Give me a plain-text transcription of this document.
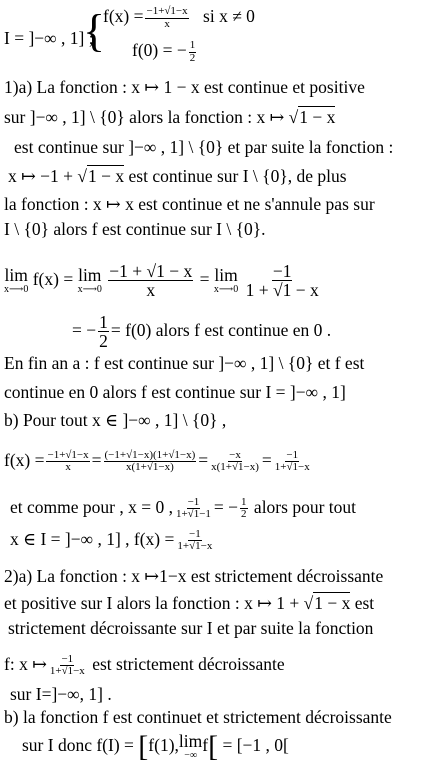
I = ]−∞ , 1] ;
{
$f(x) = \frac{-1+√1-x}{x}$ si x ≠ 0
f(0) = − $\frac{1}{2}$
1)a) La fonction : x ↦ 1 − x est continue et positive
sur ]−∞ , 1] \ {0} alors la fonction : x ↦ √1 − x
est continue sur ]−∞ , 1] \ {0} et par suite la fonction :
x ↦ −1 + √1 − x est continue sur I \ {0}, de plus
la fonction : x ↦ x est continue et ne s'annule pas sur
I \ {0} alors f est continue sur I \ {0}.
lim
x⟶0
f(x) = lim
x⟶0
$\frac{-1 + √1 - x}{x} = \lim$
x⟶0
$\frac{-1}{1 + √1 - x}$
= − $\frac{1}{2} = f(0)$ alors f est continue en 0 .
En fin an a : f est continue sur ]−∞ , 1] \ {0} et f est
continue en 0 alors f est continue sur I = ]−∞ , 1]
b) Pour tout x ∈ ]−∞ , 1] \ {0} ,
$f(x) = \frac{-1+√1-x}{x} = \frac{(-1+√1-x)(1+√1-x)}{x(1+√1-x)} = \frac{-x}{x(1+√1-x)} = \frac{-1}{1+√1-x}$
et comme pour , x = 0 , $\frac{-1}{1+√1-1}$ = − $\frac{1}{2}$ alors pour tout
x ∈ I = ]−∞ , 1] , $f(x) = \frac{-1}{1+√1-x}$
2)a) La fonction : x ↦1−x est strictement décroissante
et positive sur I alors la fonction : x ↦ 1 + √1 − x est
strictement décroissante sur I et par suite la fonction
f: x ↦ $\frac{-1}{1+√1-x}$ est strictement décroissante
sur I=]−∞, 1] .
b) la fonction f est continuet et strictement décroissante
sur I donc f(I) = [f(1), lim
−∞
f[ = [−1 , 0[
